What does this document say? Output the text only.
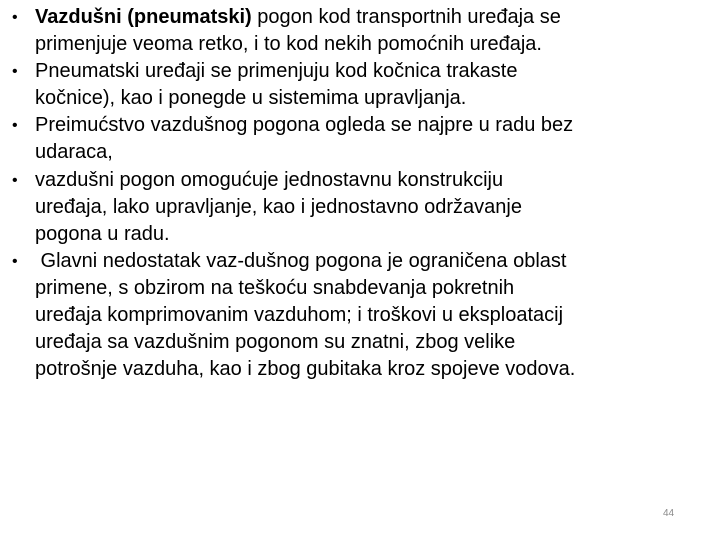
• Vazdušni (pneumatski) pogon kod transportnih uređaja se
primenjuje veoma retko, i to kod nekih pomoćnih uređaja.
• Pneumatski uređaji se primenjuju kod kočnica trakaste
kočnice), kao i ponegde u sistemima upravljanja.
• Preimućstvo vazdušnog pogona ogleda se najpre u radu bez
udaraca,
• vazdušni pogon omogućuje jednostavnu konstrukciju
uređaja, lako upravljanje, kao i jednostavno održavanje
pogona u radu.
• Glavni nedostatak vaz-dušnog pogona je ograničena oblast
primene, s obzirom na teškoću snabdevanja pokretnih
uređaja komprimovanim vazduhom; i troškovi u eksploatacij
uređaja sa vazdušnim pogonom su znatni, zbog velike
potrošnje vazduha, kao i zbog gubitaka kroz spojeve vodova.
44
